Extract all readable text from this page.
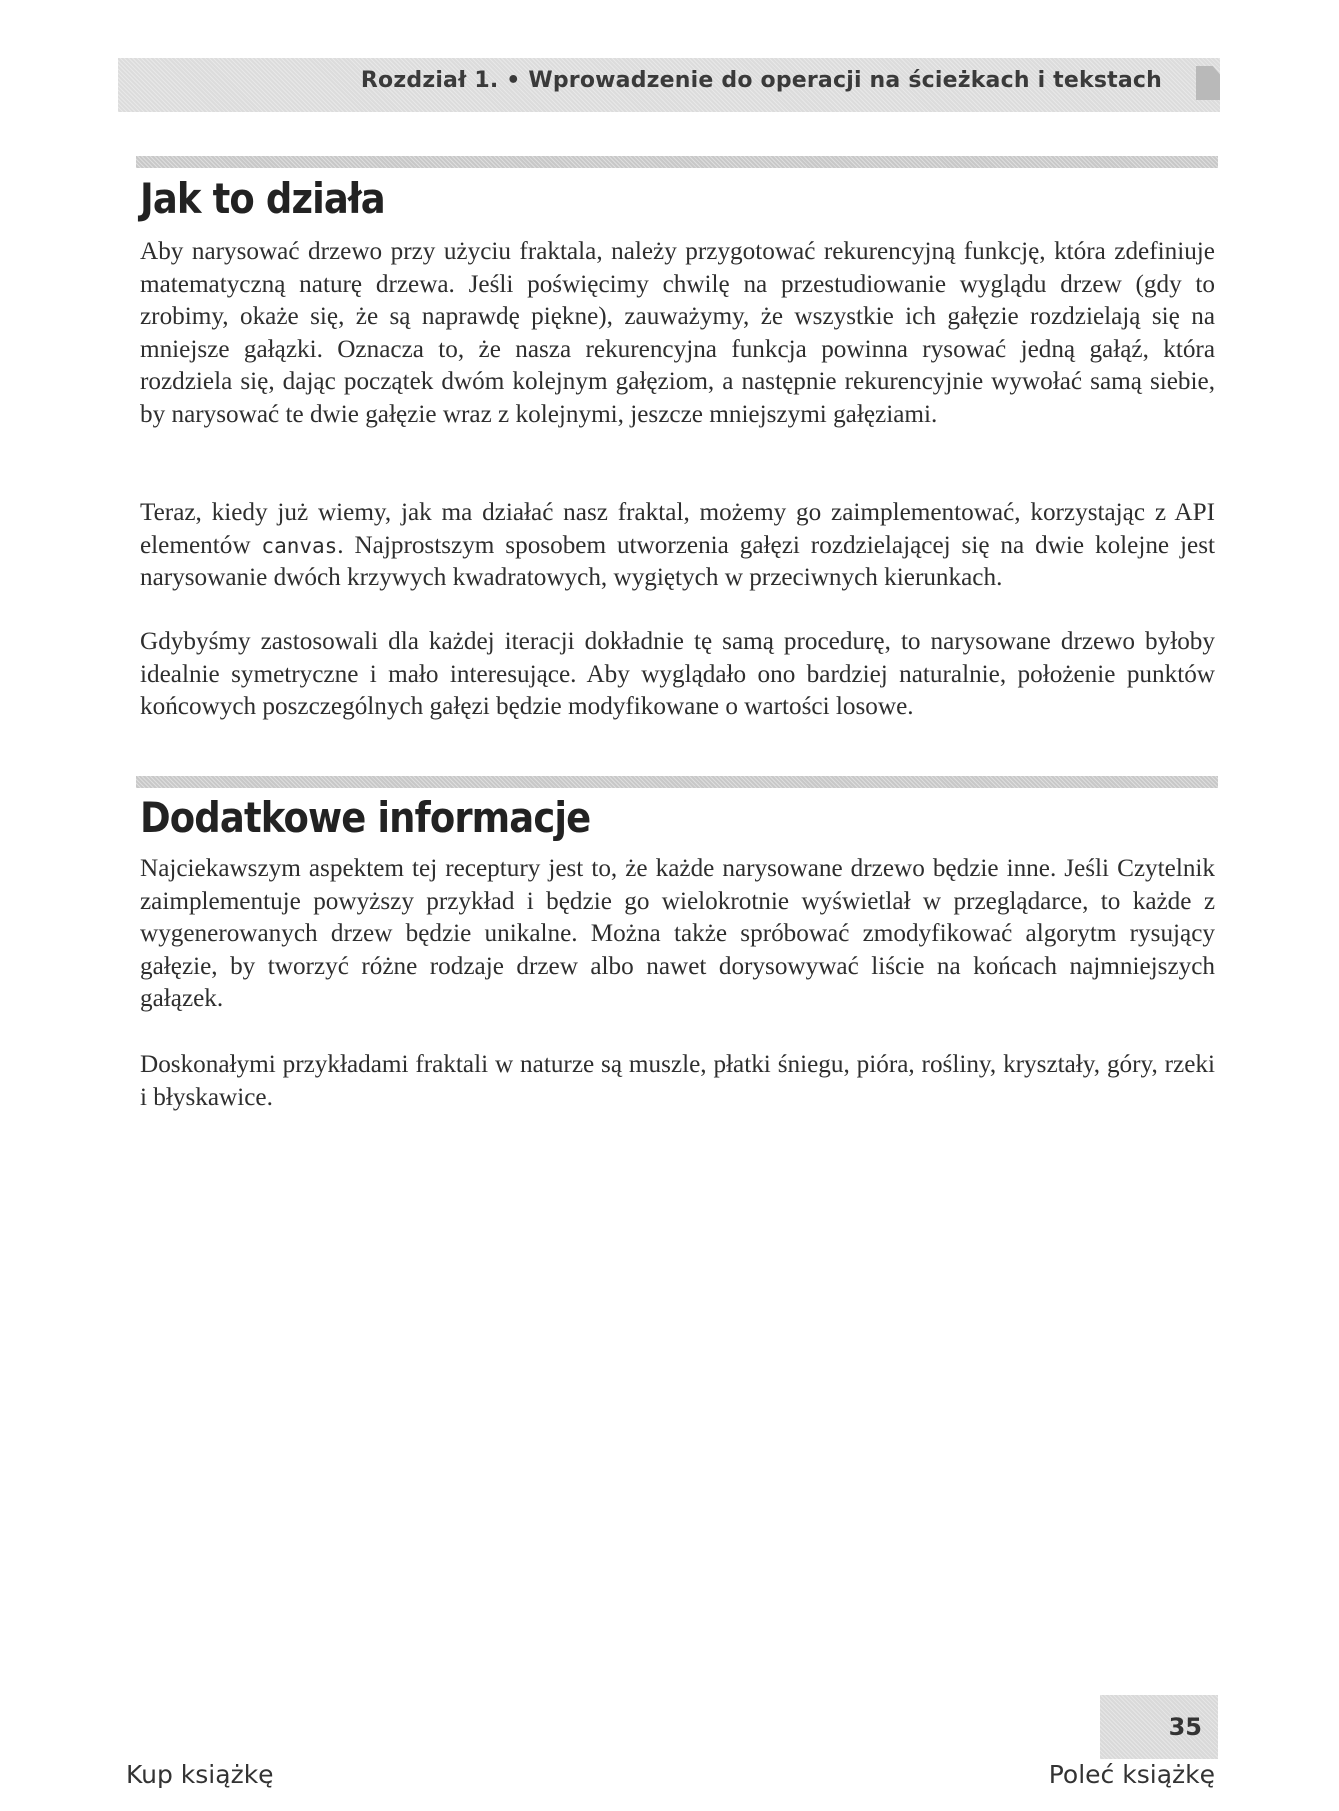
Rozdział 1. • Wprowadzenie do operacji na ścieżkach i tekstach
Jak to działa

Aby narysować drzewo przy użyciu fraktala, należy przygotować rekurencyjną funkcję, która zdefiniuje matematyczną naturę drzewa. Jeśli poświęcimy chwilę na przestudiowanie wyglądu drzew (gdy to zrobimy, okaże się, że są naprawdę piękne), zauważymy, że wszystkie ich gałęzie rozdzielają się na mniejsze gałązki. Oznacza to, że nasza rekurencyjna funkcja powinna rysować jedną gałąź, która rozdziela się, dając początek dwóm kolejnym gałęziom, a następnie rekurencyjnie wywołać samą siebie, by narysować te dwie gałęzie wraz z kolejnymi, jeszcze mniejszymi gałęziami.

Teraz, kiedy już wiemy, jak ma działać nasz fraktal, możemy go zaimplementować, korzystając z API elementów canvas. Najprostszym sposobem utworzenia gałęzi rozdzielającej się na dwie kolejne jest narysowanie dwóch krzywych kwadratowych, wygiętych w przeciwnych kierunkach.

Gdybyśmy zastosowali dla każdej iteracji dokładnie tę samą procedurę, to narysowane drzewo byłoby idealnie symetryczne i mało interesujące. Aby wyglądało ono bardziej naturalnie, położenie punktów końcowych poszczególnych gałęzi będzie modyfikowane o wartości losowe.

Dodatkowe informacje

Najciekawszym aspektem tej receptury jest to, że każde narysowane drzewo będzie inne. Jeśli Czytelnik zaimplementuje powyższy przykład i będzie go wielokrotnie wyświetlał w przeglądarce, to każde z wygenerowanych drzew będzie unikalne. Można także spróbować zmodyfikować algorytm rysujący gałęzie, by tworzyć różne rodzaje drzew albo nawet dorysowywać liście na końcach najmniejszych gałązek.

Doskonałymi przykładami fraktali w naturze są muszle, płatki śniegu, pióra, rośliny, kryształy, góry, rzeki i błyskawice.

35
Kup książkę	Poleć książkę
